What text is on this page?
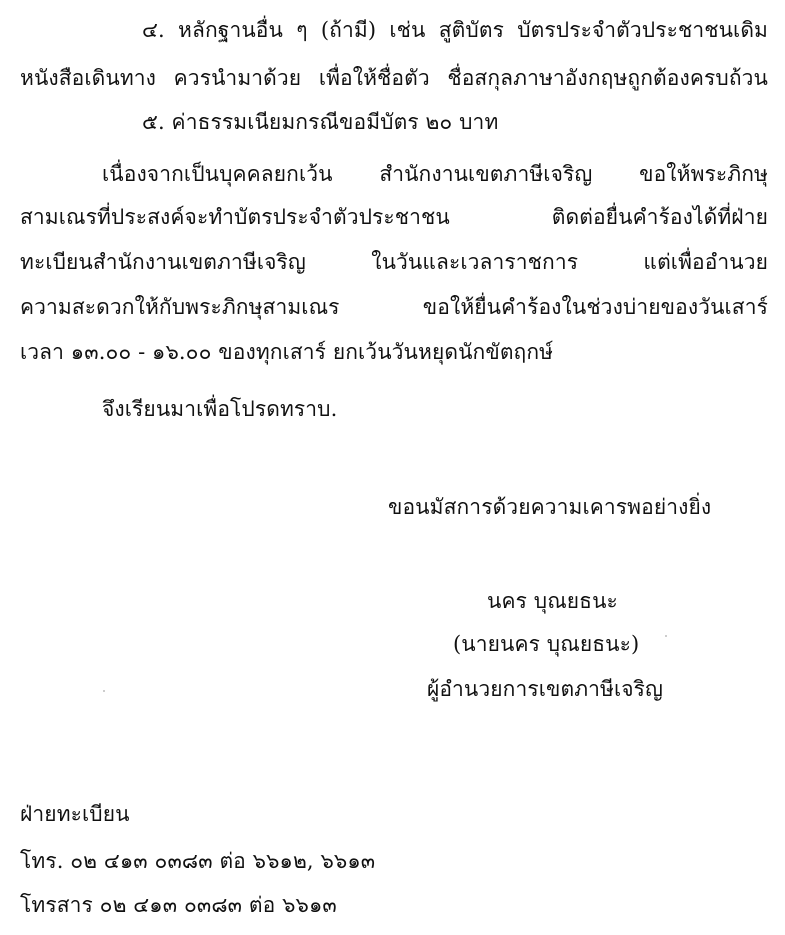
๔. หลักฐานอื่น ๆ (ถ้ามี) เช่น สูติบัตร บัตรประจำตัวประชาชนเดิม
หนังสือเดินทาง ควรนำมาด้วย เพื่อให้ชื่อตัว ชื่อสกุลภาษาอังกฤษถูกต้องครบถ้วน
๕. ค่าธรรมเนียมกรณีขอมีบัตร ๒๐ บาท
เนื่องจากเป็นบุคคลยกเว้น สำนักงานเขตภาษีเจริญ ขอให้พระภิกษุ
สามเณรที่ประสงค์จะทำบัตรประจำตัวประชาชน ติดต่อยื่นคำร้องได้ที่ฝ่าย
ทะเบียนสำนักงานเขตภาษีเจริญ ในวันและเวลาราชการ แต่เพื่ออำนวย
ความสะดวกให้กับพระภิกษุสามเณร ขอให้ยื่นคำร้องในช่วงบ่ายของวันเสาร์
เวลา ๑๓.๐๐ - ๑๖.๐๐ ของทุกเสาร์ ยกเว้นวันหยุดนักขัตฤกษ์
จึงเรียนมาเพื่อโปรดทราบ.
ขอนมัสการด้วยความเคารพอย่างยิ่ง
นคร บุณยธนะ
(นายนคร บุณยธนะ)
ผู้อำนวยการเขตภาษีเจริญ
ฝ่ายทะเบียน
โทร. ๐๒ ๔๑๓ ๐๓๘๓ ต่อ ๖๖๑๒, ๖๖๑๓
โทรสาร ๐๒ ๔๑๓ ๐๓๘๓ ต่อ ๖๖๑๓
